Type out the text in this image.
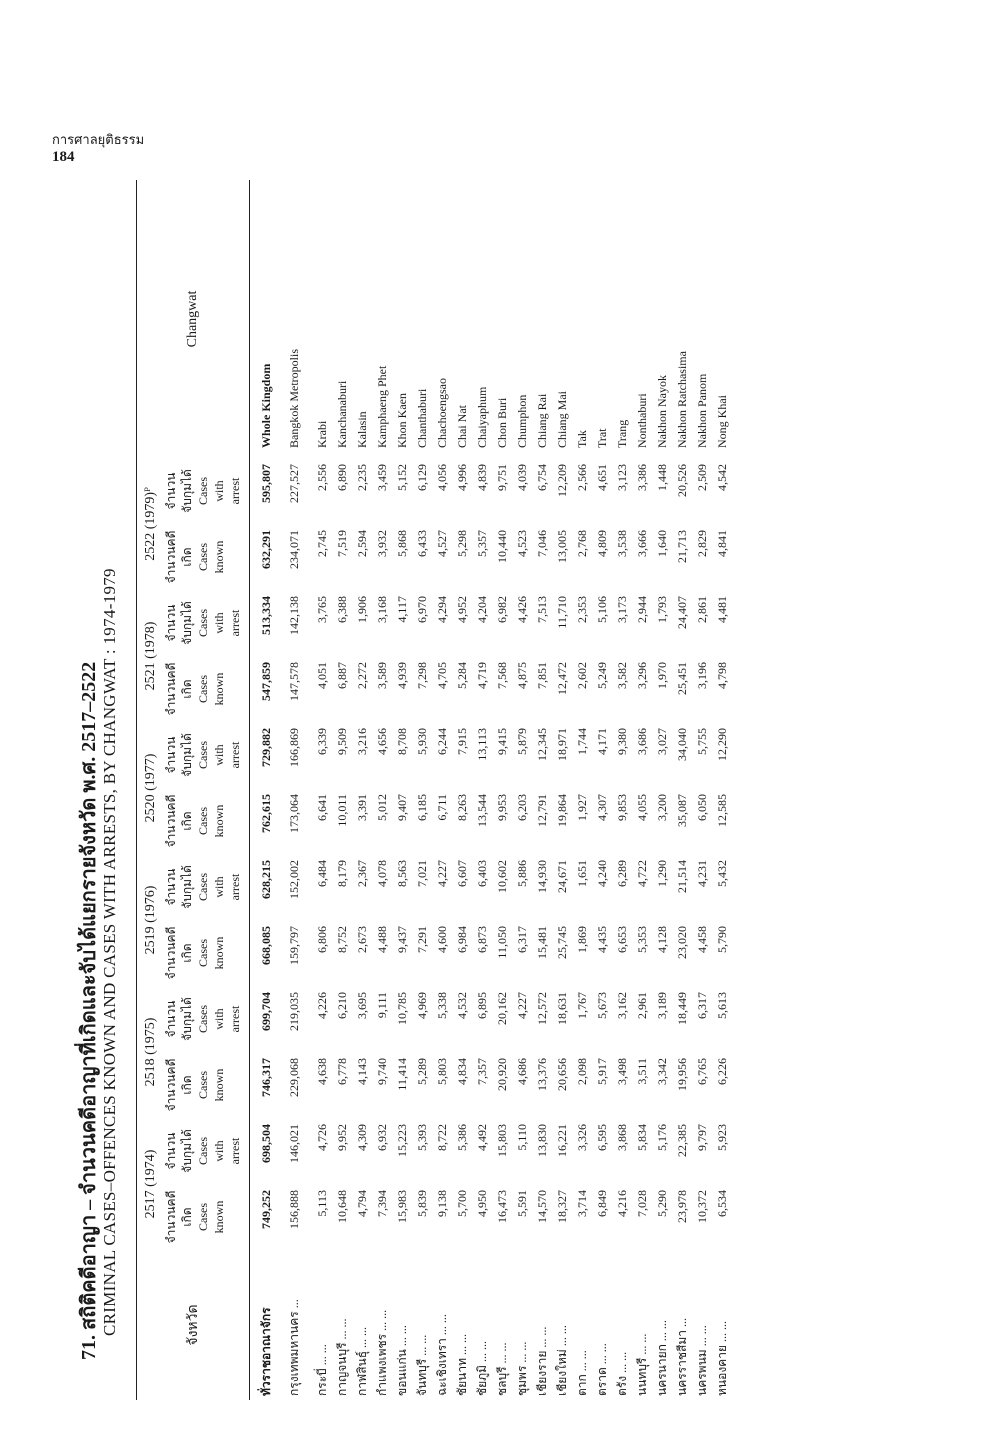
การศาลยุติธรรม
184
71. สถิติคดีอาญา – จำนวนคดีอาญาที่เกิดและจับได้แยกรายจังหวัด พ.ศ. 2517–2522 CRIMINAL CASES–OFFENCES KNOWN AND CASES WITH ARRESTS, BY CHANGWAT : 1974-1979	จังหวัด	2517 (1974)		2518 (1975)		2519 (1976)		2520 (1977)		2521 (1978)		2522 (1979)ᴾ		Changwat

	จำนวนคดีเกิด Cases known	จำนวนจับกุมได้ Cases with arrest	จำนวนคดีเกิด Cases known	จำนวนจับกุมได้ Cases with arrest	จำนวนคดีเกิด Cases known	จำนวนจับกุมได้ Cases with arrest	จำนวนคดีเกิด Cases known	จำนวนจับกุมได้ Cases with arrest	จำนวนคดีเกิด Cases known	จำนวนจับกุมได้ Cases with arrest	จำนวนคดีเกิด Cases known	จำนวนจับกุมได้ Cases with arrest	

ทั่วราชอาณาจักร	749,252	698,504	746,317	699,704	668,085	628,215	762,615	729,882	547,859	513,334	632,291	595,807	Whole Kingdom

กรุงเทพมหานคร ...	156,888	146,021	229,068	219,035	159,797	152,002	173,064	166,869	147,578	142,138	234,071	227,527	Bangkok Metropolis

กระบี่ ... ...	5,113	4,726	4,638	4,226	6,806	6,484	6,641	6,339	4,051	3,765	2,745	2,556	Krabi
กาญจนบุรี ... ...	10,648	9,952	6,778	6,210	8,752	8,179	10,011	9,509	6,887	6,388	7,519	6,890	Kanchanaburi
กาฬสินธุ์ ... ...	4,794	4,309	4,143	3,695	2,673	2,367	3,391	3,216	2,272	1,906	2,594	2,235	Kalasin
กำแพงเพชร ... ...	7,394	6,932	9,740	9,111	4,488	4,078	5,012	4,656	3,589	3,168	3,932	3,459	Kamphaeng Phet
ขอนแก่น ... ...	15,983	15,223	11,414	10,785	9,437	8,563	9,407	8,708	4,939	4,117	5,868	5,152	Khon Kaen
จันทบุรี ... ...	5,839	5,393	5,289	4,969	7,291	7,021	6,185	5,930	7,298	6,970	6,433	6,129	Chanthaburi
ฉะเชิงเทรา ... ...	9,138	8,722	5,803	5,338	4,600	4,227	6,711	6,244	4,705	4,294	4,527	4,056	Chachoengsao
ชัยนาท ... ...	5,700	5,386	4,834	4,532	6,984	6,607	8,263	7,915	5,284	4,952	5,298	4,996	Chai Nat
ชัยภูมิ ... ...	4,950	4,492	7,357	6,895	6,873	6,403	13,544	13,113	4,719	4,204	5,357	4,839	Chaiyaphum
ชลบุรี ... ...	16,473	15,803	20,920	20,162	11,050	10,602	9,953	9,415	7,568	6,982	10,440	9,751	Chon Buri
ชุมพร ... ...	5,591	5,110	4,686	4,227	6,317	5,886	6,203	5,879	4,875	4,426	4,523	4,039	Chumphon
เชียงราย ... ...	14,570	13,830	13,376	12,572	15,481	14,930	12,791	12,345	7,851	7,513	7,046	6,754	Chiang Rai
เชียงใหม่ ... ...	18,327	16,221	20,656	18,631	25,745	24,671	19,864	18,971	12,472	11,710	13,005	12,209	Chiang Mai
ตาก ... ...	3,714	3,326	2,098	1,767	1,869	1,651	1,927	1,744	2,602	2,353	2,768	2,566	Tak
ตราด ... ...	6,849	6,595	5,917	5,673	4,435	4,240	4,307	4,171	5,249	5,106	4,809	4,651	Trat
ตรัง ... ...	4,216	3,868	3,498	3,162	6,653	6,289	9,853	9,380	3,582	3,173	3,538	3,123	Trang
นนทบุรี ... ...	7,028	5,834	3,511	2,961	5,353	4,722	4,055	3,686	3,296	2,944	3,666	3,386	Nonthaburi
นครนายก ... ...	5,290	5,176	3,342	3,189	4,128	1,290	3,200	3,027	1,970	1,793	1,640	1,448	Nakhon Nayok
นครราชสีมา ...	23,978	22,385	19,956	18,449	23,020	21,514	35,087	34,040	25,451	24,407	21,713	20,526	Nakhon Ratchasima
นครพนม ... ...	10,372	9,797	6,765	6,317	4,458	4,231	6,050	5,755	3,196	2,861	2,829	2,509	Nakhon Panom
หนองคาย ... ...	6,534	5,923	6,226	5,613	5,790	5,432	12,585	12,290	4,798	4,481	4,841	4,542	Nong Khai
